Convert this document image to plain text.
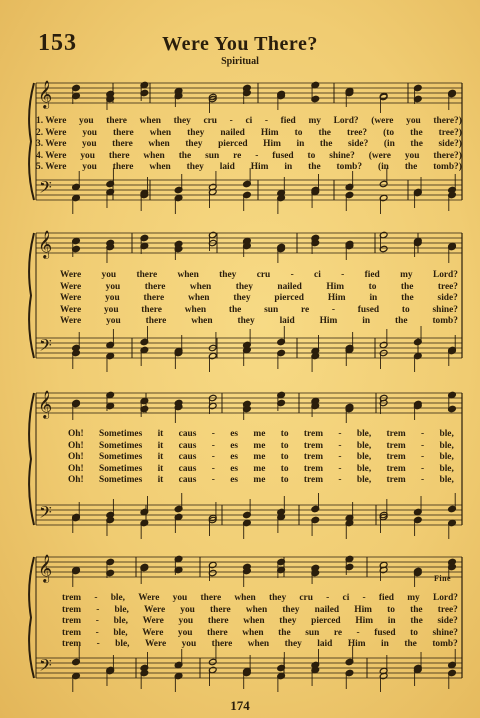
153	Were You There?
Spiritual
𝄞
𝄢
𝄞
𝄢
𝄞
𝄢
𝄞
𝄢
1. Were you there when they cru - ci - fied my Lord? (were you there?)
2. Were you there when they nailed Him to the tree? (to the tree?)
3. Were you there when they pierced Him in the side? (in the side?)
4. Were you there when the sun re - fused to shine? (were you there?)
5. Were you there when they laid Him in the tomb? (in the tomb?)
Were you there when they cru - ci - fied my Lord?
Were	you	there	when	they	nailed	Him	to	the	tree?
Were	you	there	when	they	pierced	Him	in	the	side?
Were you there when the sun re - fused to shine?
Were	you	there	when	they	laid	Him	in	the	tomb?
Oh! Sometimes it caus - es me to trem - ble, trem - ble,
Oh! Sometimes it caus - es me to trem - ble, trem - ble,
Oh! Sometimes it caus - es me to trem - ble, trem - ble,
Oh! Sometimes it caus - es me to trem - ble, trem - ble,
Oh! Sometimes it caus - es me to trem - ble, trem - ble,
trem - ble, Were you there when they cru - ci - fied my Lord?
trem - ble, Were you there when they nailed Him to the tree?
trem - ble, Were you there when they pierced Him in the side?
trem - ble, Were you there when the sun re - fused to shine?
trem - ble, Were you there when they laid Him in the tomb?
Fine
174
